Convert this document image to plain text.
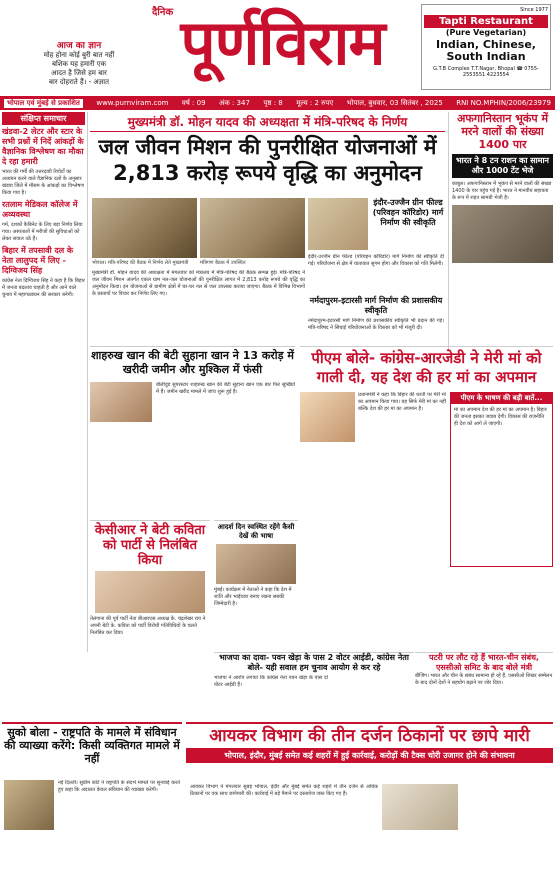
आज का ज्ञान
मोह होना कोई बुरी बात नहीं
बशिक यह हमारी एक
आदत है जिसे हम बार
बार दोहराते हैं। - अज्ञात
दैनिक पूर्णविराम	Since 1977
Tapti Restaurant
(Pure Vegetarian)
Indian, Chinese, South Indian
G.T.B Complex T.T.Nagar, Bhopal ☎ 0755-2553551 4223554
भोपाल एवं मुंबई से प्रकाशित	www.purnviram.com वर्ष : 09 अंक : 347 पृष्ठ : 8 मूल्य : 2 रुपए भोपाल, बुधवार, 03 सितंबर , 2025 RNI NO.MPHIN/2006/23979
संक्षिप्त समाचार
खंडवा-2 लेटर और स्टार के सभी प्रश्नों में निर्दे आंकड़ों के वैज्ञानिक विश्लेषण का मौका दे रहा हमारी
भारत की गर्मी की उत्तरदायी रिपोर्टों का अध्ययन करने वाले वैज्ञानिक दलों के अनुसार खंडवा जिले में मौसम के आंकड़ों का विश्लेषण किया गया है।
रतलाम मेडिकल कॉलेज में अव्यवस्था
गर्म, दशकों कैबिनेट के लिए बड़ा निर्णय लिया गया। अस्पतालों में मरीजों की सुविधाओं को लेकर सवाल उठे हैं।
बिहार में तपसावी दल के नेता लालुपद में लिए - दिग्विजय सिंह
कांग्रेस नेता दिग्विजय सिंह ने कहा है कि बिहार में जनता बदलाव चाहती है और आने वाले चुनाव में महागठबंधन की सरकार बनेगी।
मुख्यमंत्री डॉ. मोहन यादव की अध्यक्षता में मंत्रि-परिषद के निर्णय
जल जीवन मिशन की पुनरीक्षित योजनाओं में 2,813 करोड़ रूपये वृद्धि का अनुमोदन
भोपाल। मंत्रि-परिषद की बैठक में निर्णय लेते मुख्यमंत्री	मंत्रिगण बैठक में उपस्थित
मुख्यमंत्री डॉ. मोहन यादव की अध्यक्षता में मंगलवार को मंत्रालय में मंत्रि-परिषद की बैठक सम्पन्न हुई। मंत्रि-परिषद ने जल जीवन मिशन अंतर्गत एकल ग्राम नल-जल योजनाओं की पुनरीक्षित लागत में 2,813 करोड़ रूपये की वृद्धि का अनुमोदन किया। इन योजनाओं से ग्रामीण क्षेत्रों में घर-घर नल से जल उपलब्ध कराया जाएगा। बैठक में विभिन्न विभागों के प्रस्तावों पर विचार कर निर्णय लिए गए।
इंदौर-उज्जैन ग्रीन फील्ड (परिवहन कॉरिडोर) मार्ग निर्माण की स्वीकृति
इंदौर-उज्जैन ग्रीन फील्ड (परिवहन कॉरिडोर) मार्ग निर्माण की स्वीकृति दी गई। परियोजना से क्षेत्र में यातायात सुगम होगा और विकास को गति मिलेगी।
नर्मदापुरम-इटारसी मार्ग निर्माण की प्रशासकीय स्वीकृति
नर्मदापुरम-इटारसी मार्ग निर्माण की प्रशासकीय स्वीकृति भी प्रदान की गई। मंत्रि-परिषद ने सिंचाई परियोजनाओं के विस्तार को भी मंजूरी दी।
अफगानिस्तान भूकंप में मरने वालों की संख्या 1400 पार
भारत ने 8 टन राशन का सामान और 1000 टेंट भेजे
काबुल। अफगानिस्तान में भूकंप से मरने वालों की संख्या 1400 के पार पहुंच गई है। भारत ने मानवीय सहायता के रूप में राहत सामग्री भेजी है।
शाहरुख खान की बेटी सुहाना खान ने 13 करोड़ में खरीदी जमीन और मुश्किल में फंसी
बॉलीवुड सुपरस्टार शाहरुख खान की बेटी सुहाना खान एक बार फिर सुर्खियों में हैं। जमीन खरीद मामले में जांच शुरू हुई है।
पीएम बोले- कांग्रेस-आरजेडी ने मेरी मां को गाली दी, यह देश की हर मां का अपमान
प्रधानमंत्री ने कहा कि बिहार की धरती पर मेरी मां का अपमान किया गया। यह सिर्फ मेरी मां का नहीं बल्कि देश की हर मां का अपमान है।
पीएम के भाषण की बड़ी बातें...
मां का अपमान देश की हर मां का अपमान है। बिहार की जनता इसका जवाब देगी। विकास की राजनीति ही देश को आगे ले जाएगी।
केसीआर ने बेटी कविता को पार्टी से निलंबित किया
तेलंगाना की पूर्व पार्टी नेता बीआरएस अध्यक्ष के. चंद्रशेखर राव ने अपनी बेटी के. कविता को पार्टी विरोधी गतिविधियों के चलते निलंबित कर दिया।
आदर्श दिन स्वस्थित रहेंगे कैसी देखें की भाषा
मुंबई। कार्यक्रम में नेताओं ने कहा कि देश में शांति और भाईचारा बनाए रखना सबकी जिम्मेदारी है।
भाजपा का दावा- पवन खेड़ा के पास 2 वोटर आईडी, कांग्रेस नेता बोले- यही सवाल हम चुनाव आयोग से कर रहे
भाजपा ने आरोप लगाया कि कांग्रेस नेता पवन खेड़ा के पास दो वोटर आईडी हैं।
पटरी पर लौट रहे हैं भारत-चीन संबंध, एससीओ समिट के बाद बोले मंत्री
बीजिंग। भारत और चीन के संबंध सामान्य हो रहे हैं, एससीओ शिखर सम्मेलन के बाद दोनों देशों ने सहयोग बढ़ाने पर जोर दिया।
सुको बोला - राष्ट्रपति के मामले में संविधान की व्याख्या करेंगे: किसी व्यक्तिगत मामले में नहीं
नई दिल्ली। सुप्रीम कोर्ट ने राष्ट्रपति के संदर्भ मामले पर सुनवाई करते हुए कहा कि अदालत केवल संविधान की व्याख्या करेगी।
आयकर विभाग की तीन दर्जन ठिकानों पर छापे मारी
भोपाल, इंदौर, मुंबई समेत कई शहरों में हुई कार्रवाई, करोड़ों की टैक्स चोरी उजागर होने की संभावना
आयकर विभाग ने मंगलवार सुबह भोपाल, इंदौर और मुंबई समेत कई शहरों में तीन दर्जन से अधिक ठिकानों पर एक साथ छापेमारी की। कार्रवाई में बड़े पैमाने पर दस्तावेज जब्त किए गए हैं।
